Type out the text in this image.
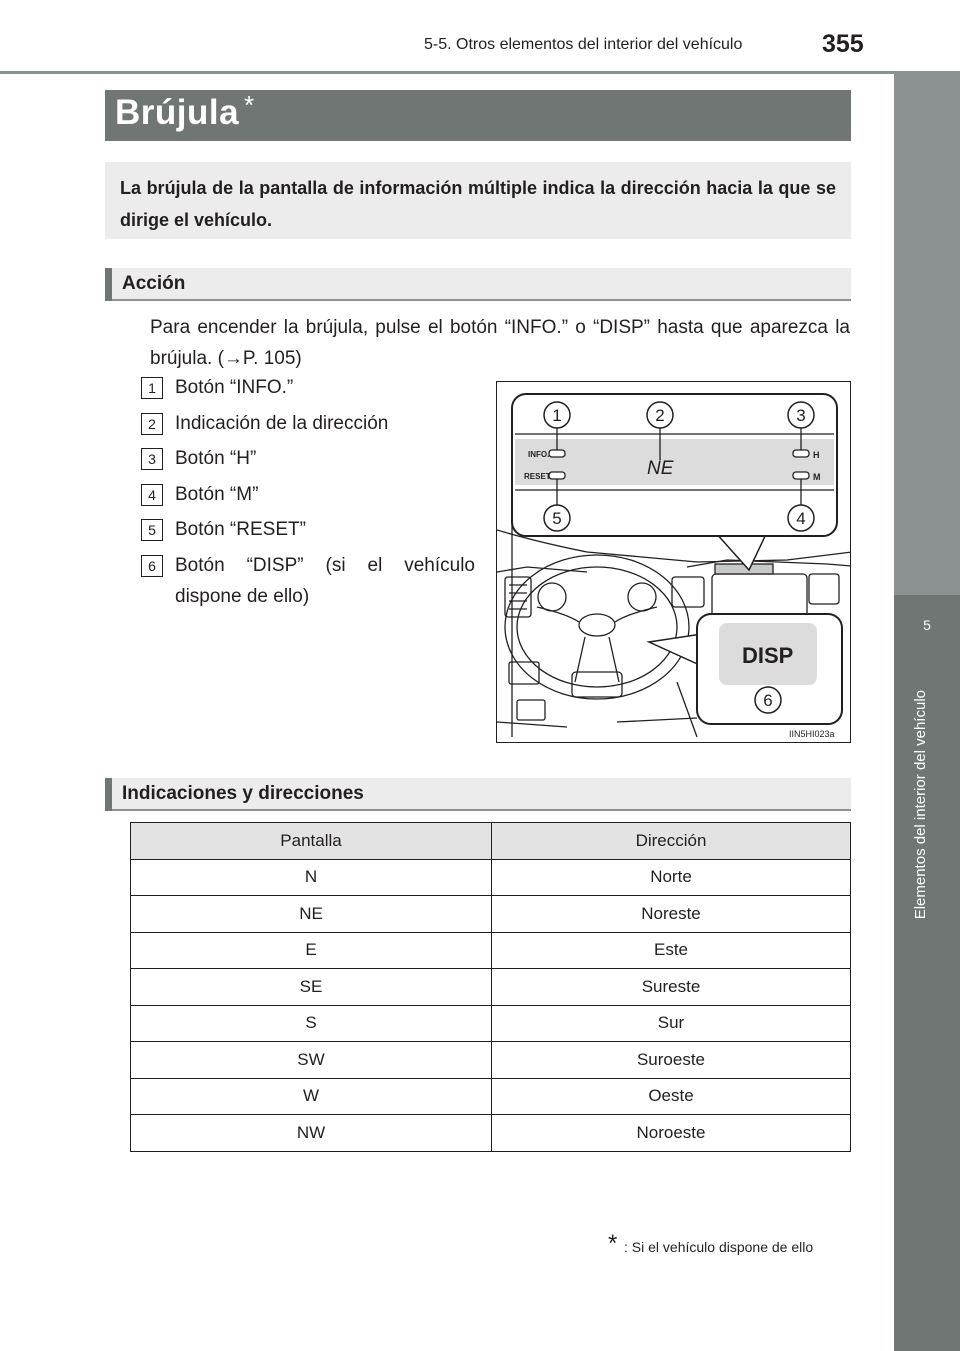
5-5. Otros elementos del interior del vehículo	355
5
Elementos del interior del vehículo
Brújula *
La brújula de la pantalla de información múltiple indica la dirección hacia la que se dirige el vehículo.
Acción
Para encender la brújula, pulse el botón “INFO.” o “DISP” hasta que aparezca la brújula. (→P. 105)
1	Botón “INFO.”
2	Indicación de la dirección
3	Botón “H”
4	Botón “M”
5	Botón “RESET”
6	Botón “DISP” (si el vehículo dispone de ello)
INFO.
RESET
H
M
NE
DISP
1	2	3
4
5
6
IIN5HI023a
Indicaciones y direcciones
Pantalla	Dirección
N	Norte
NE	Noreste
E	Este
SE	Sureste
S	Sur
SW	Suroeste
W	Oeste
NW	Noroeste
* : Si el vehículo dispone de ello
